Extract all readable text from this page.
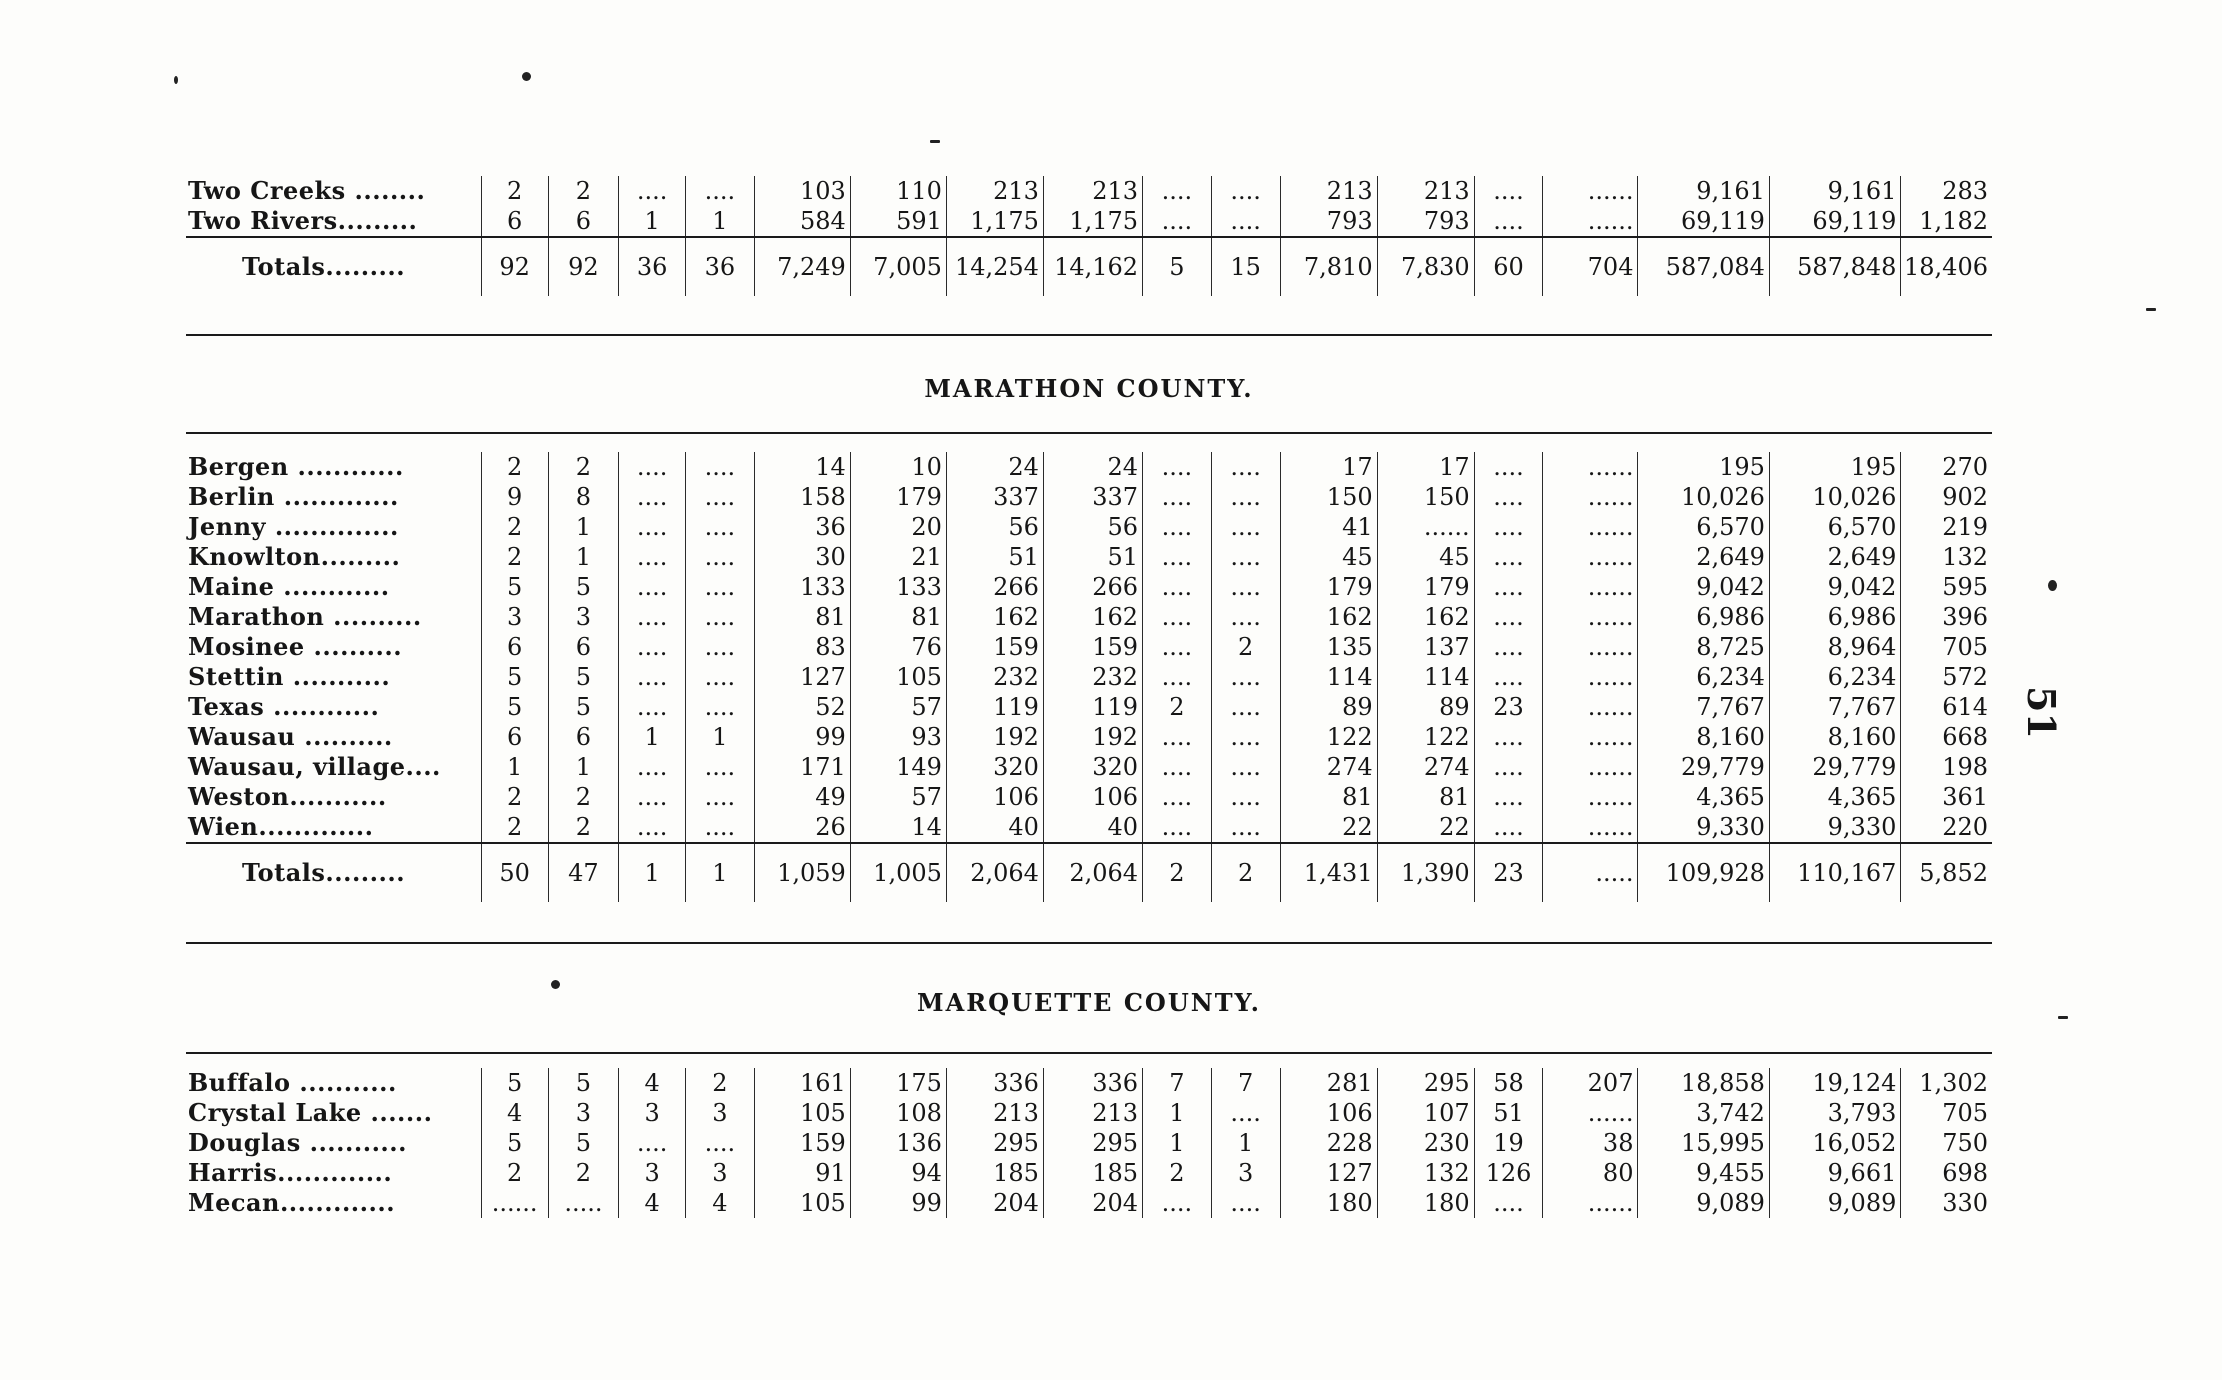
Two Creeks ........	2	2	....	....	103	110	213	213	....	....	213	213	....	......	9,161	9,161	283
Two Rivers.........	6	6	1	1	584	591	1,175	1,175	....	....	793	793	....	......	69,119	69,119	1,182
Totals.........	92	92	36	36	7,249	7,005	14,254	14,162	5	15	7,810	7,830	60	704	587,084	587,848	18,406
MARATHON COUNTY.
Bergen ............	2	2	....	....	14	10	24	24	....	....	17	17	....	......	195	195	270
Berlin .............	9	8	....	....	158	179	337	337	....	....	150	150	....	......	10,026	10,026	902
Jenny ..............	2	1	....	....	36	20	56	56	....	....	41	......	....	......	6,570	6,570	219
Knowlton.........	2	1	....	....	30	21	51	51	....	....	45	45	....	......	2,649	2,649	132
Maine ............	5	5	....	....	133	133	266	266	....	....	179	179	....	......	9,042	9,042	595
Marathon ..........	3	3	....	....	81	81	162	162	....	....	162	162	....	......	6,986	6,986	396
Mosinee ..........	6	6	....	....	83	76	159	159	....	2	135	137	....	......	8,725	8,964	705
Stettin ...........	5	5	....	....	127	105	232	232	....	....	114	114	....	......	6,234	6,234	572
Texas ............	5	5	....	....	52	57	119	119	2	....	89	89	23	......	7,767	7,767	614
Wausau ..........	6	6	1	1	99	93	192	192	....	....	122	122	....	......	8,160	8,160	668
Wausau, village....	1	1	....	....	171	149	320	320	....	....	274	274	....	......	29,779	29,779	198
Weston...........	2	2	....	....	49	57	106	106	....	....	81	81	....	......	4,365	4,365	361
Wien.............	2	2	....	....	26	14	40	40	....	....	22	22	....	......	9,330	9,330	220
Totals.........	50	47	1	1	1,059	1,005	2,064	2,064	2	2	1,431	1,390	23	.....	109,928	110,167	5,852
MARQUETTE COUNTY.
Buffalo ...........	5	5	4	2	161	175	336	336	7	7	281	295	58	207	18,858	19,124	1,302
Crystal Lake .......	4	3	3	3	105	108	213	213	1	....	106	107	51	......	3,742	3,793	705
Douglas ...........	5	5	....	....	159	136	295	295	1	1	228	230	19	38	15,995	16,052	750
Harris.............	2	2	3	3	91	94	185	185	2	3	127	132	126	80	9,455	9,661	698
Mecan.............	......	.....	4	4	105	99	204	204	....	....	180	180	....	......	9,089	9,089	330
51
